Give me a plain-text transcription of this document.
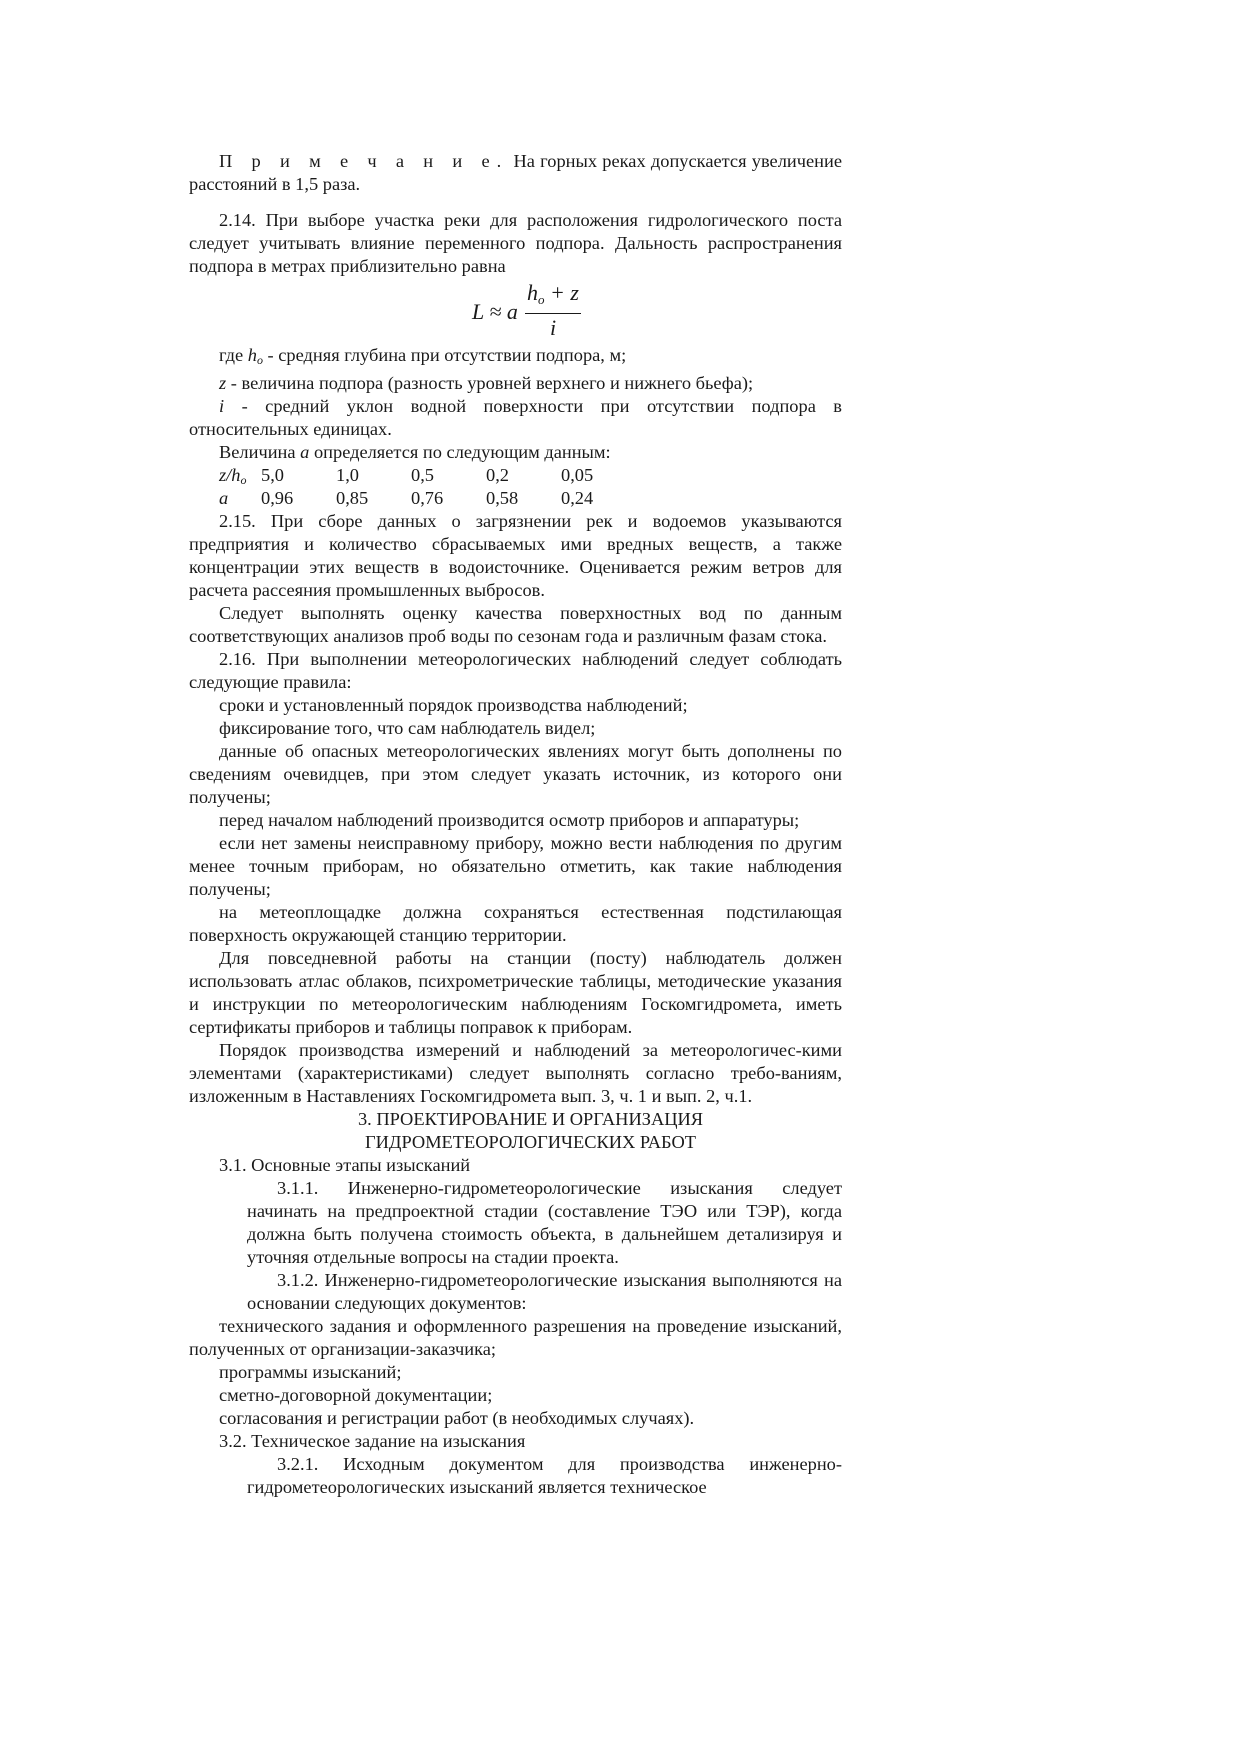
П р и м е ч а н и е. На горных реках допускается увеличение расстояний в 1,5 раза.

2.14. При выборе участка реки для расположения гидрологического поста следует учитывать влияние переменного подпора. Дальность распространения подпора в метрах приблизительно равна

L ≈ a $\frac{ho + z}{i}$

где $h_o$ - средняя глубина при отсутствии подпора, м;

z - величина подпора (разность уровней верхнего и нижнего бьефа);

i - средний уклон водной поверхности при отсутствии подпора в относительных единицах.

Величина a определяется по следующим данным:

$z/h_o$ 5,0	1,0	0,5	0,2	0,05
a	0,96	0,85	0,76	0,58	0,24

2.15. При сборе данных о загрязнении рек и водоемов указываются предприятия и количество сбрасываемых ими вредных веществ, а также концентрации этих веществ в водоисточнике. Оценивается режим ветров для расчета рассеяния промышленных выбросов.

Следует выполнять оценку качества поверхностных вод по данным соответствующих анализов проб воды по сезонам года и различным фазам стока.

2.16. При выполнении метеорологических наблюдений следует соблюдать следующие правила:

сроки и установленный порядок производства наблюдений;

фиксирование того, что сам наблюдатель видел;

данные об опасных метеорологических явлениях могут быть дополнены по сведениям очевидцев, при этом следует указать источник, из которого они получены;

перед началом наблюдений производится осмотр приборов и аппаратуры;

если нет замены неисправному прибору, можно вести наблюдения по другим менее точным приборам, но обязательно отметить, как такие наблюдения получены;

на метеоплощадке должна сохраняться естественная подстилающая поверхность окружающей станцию территории.

Для повседневной работы на станции (посту) наблюдатель должен использовать атлас облаков, психрометрические таблицы, методические указания и инструкции по метеорологическим наблюдениям Госкомгидромета, иметь сертификаты приборов и таблицы поправок к приборам.

Порядок производства измерений и наблюдений за метеорологичес-кими элементами (характеристиками) следует выполнять согласно требо-ваниям, изложенным в Наставлениях Госкомгидромета вып. 3, ч. 1 и вып. 2, ч.1.

3. ПРОЕКТИРОВАНИЕ И ОРГАНИЗАЦИЯ
ГИДРОМЕТЕОРОЛОГИЧЕСКИХ РАБОТ

3.1. Основные этапы изысканий

3.1.1. Инженерно-гидрометеорологические изыскания следует начинать на предпроектной стадии (составление ТЭО или ТЭР), когда должна быть получена стоимость объекта, в дальнейшем детализируя и уточняя отдельные вопросы на стадии проекта.

3.1.2. Инженерно-гидрометеорологические изыскания выполняются на основании следующих документов:

технического задания и оформленного разрешения на проведение изысканий, полученных от организации-заказчика;

программы изысканий;

сметно-договорной документации;

согласования и регистрации работ (в необходимых случаях).

3.2. Техническое задание на изыскания

3.2.1. Исходным документом для производства инженерно-гидрометеорологических изысканий является техническое
